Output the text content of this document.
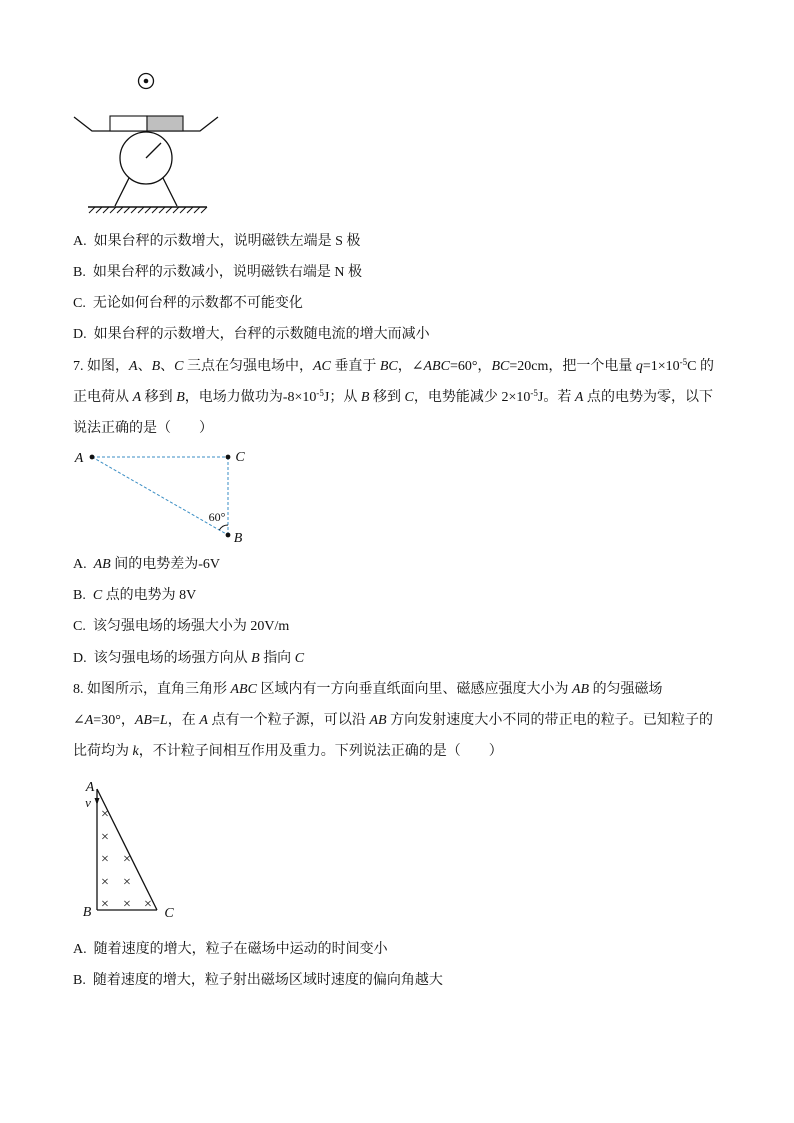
A. 如果台秤的示数增大，说明磁铁左端是 S 极
B. 如果台秤的示数减小，说明磁铁右端是 N 极
C. 无论如何台秤的示数都不可能变化
D. 如果台秤的示数增大，台秤的示数随电流的增大而减小
7. 如图，A、B、C 三点在匀强电场中，AC 垂直于 BC，∠ABC=60°，BC=20cm，把一个电量 $q=1\times 10^{-5}C$ 的
正电荷从 A 移到 B，电场力做功为$-8\times 10^{-5}J$；从 B 移到 C，电势能减少 $2\times 10^{-5}J$。若 A 点的电势为零，以下
说法正确的是（　　）
A	C
B
60°
A. AB 间的电势差为-6V
B. C 点的电势为 8V
C. 该匀强电场的场强大小为 20V/m
D. 该匀强电场的场强方向从 B 指向 C
8. 如图所示，直角三角形 ABC 区域内有一方向垂直纸面向里、磁感应强度大小为 AB 的匀强磁场
∠A=30°，AB=L，在 A 点有一个粒子源，可以沿 AB 方向发射速度大小不同的带正电的粒子。已知粒子的
比荷均为 k，不计粒子间相互作用及重力。下列说法正确的是（　　）
A
v
B	C
×
×
× ×
× ×
× × ×
A. 随着速度的增大，粒子在磁场中运动的时间变小
B. 随着速度的增大，粒子射出磁场区域时速度的偏向角越大
